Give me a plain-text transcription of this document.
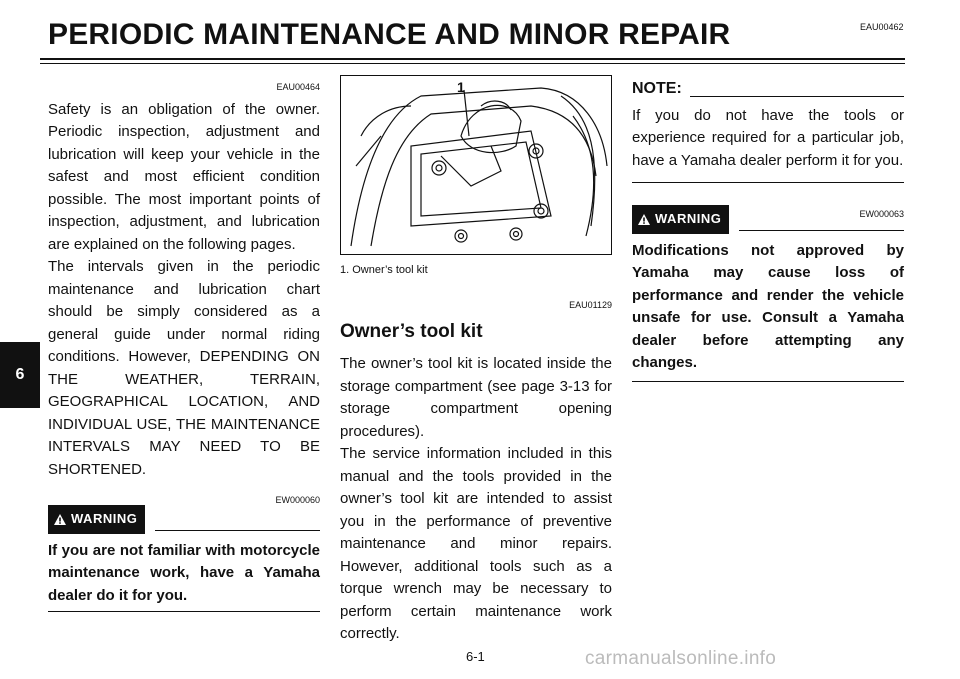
PERIODIC MAINTENANCE AND MINOR REPAIR	EAU00462
6
EAU00464

Safety is an obligation of the owner. Periodic inspection, adjustment and lubrication will keep your vehicle in the safest and most efficient condition possible. The most important points of inspection, adjustment, and lubrication are explained on the following pages.

The intervals given in the periodic maintenance and lubrication chart should be simply considered as a general guide under normal riding conditions. However, DEPENDING ON THE WEATHER, TERRAIN, GEOGRAPHICAL LOCATION, AND INDIVIDUAL USE, THE MAINTENANCE INTERVALS MAY NEED TO BE SHORTENED.

WARNING
EW000060

If you are not familiar with motorcycle maintenance work, have a Yamaha dealer do it for you.

1
1. Owner’s tool kit
EAU01129
Owner’s tool kit

The owner’s tool kit is located inside the storage compartment (see page 3-13 for storage compartment opening procedures).

The service information included in this manual and the tools provided in the owner’s tool kit are intended to assist you in the performance of preventive maintenance and minor repairs. However, additional tools such as a torque wrench may be necessary to perform certain maintenance work correctly.

NOTE:

If you do not have the tools or experience required for a particular job, have a Yamaha dealer perform it for you.

WARNING	EW000063

Modifications not approved by Yamaha may cause loss of performance and render the vehicle unsafe for use. Consult a Yamaha dealer before attempting any changes.

6-1	carmanualsonline.info
